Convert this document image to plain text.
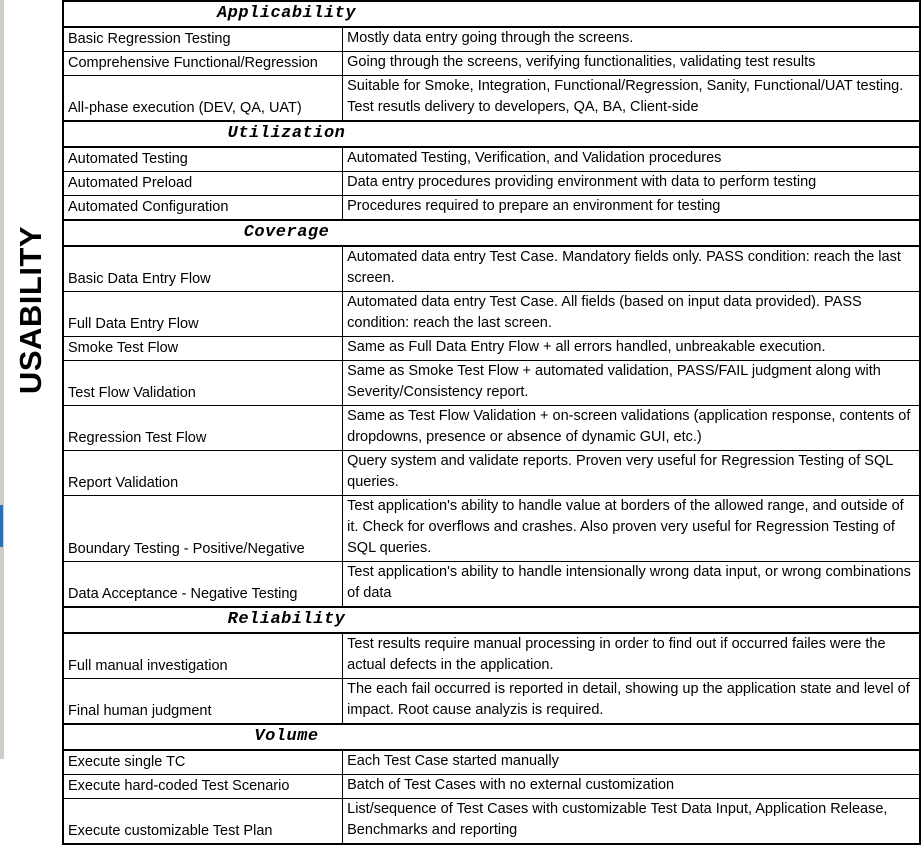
USABILITY
Applicability	

Basic Regression Testing	Mostly data entry going through the screens.
Comprehensive Functional/Regression	Going through the screens, verifying functionalities, validating test results
All-phase execution (DEV, QA, UAT)	Suitable for Smoke, Integration, Functional/Regression, Sanity, Functional/UAT testing. Test resutls delivery to developers, QA, BA, Client-side

Utilization	

Automated Testing	Automated Testing, Verification, and Validation procedures
Automated Preload	Data entry procedures providing environment with data to perform testing
Automated Configuration	Procedures required to prepare an environment for testing

Coverage	

Basic Data Entry Flow	Automated data entry Test Case. Mandatory fields only. PASS condition: reach the last screen.
Full Data Entry Flow	Automated data entry Test Case. All fields (based on input data provided). PASS condition: reach the last screen.
Smoke Test Flow	Same as Full Data Entry Flow + all errors handled, unbreakable execution.
Test Flow Validation	Same as Smoke Test Flow + automated validation, PASS/FAIL judgment along with Severity/Consistency report.
Regression Test Flow	Same as Test Flow Validation + on-screen validations (application response, contents of dropdowns, presence or absence of dynamic GUI, etc.)
Report Validation	Query system and validate reports. Proven very useful for Regression Testing of SQL queries.
Boundary Testing - Positive/Negative	Test application's ability to handle value at borders of the allowed range, and outside of it. Check for overflows and crashes. Also proven very useful for Regression Testing of SQL queries.
Data Acceptance - Negative Testing	Test application's ability to handle intensionally wrong data input, or wrong combinations of data

Reliability	

Full manual investigation	Test results require manual processing in order to find out if occurred failes were the actual defects in the application.
Final human judgment	The each fail occurred is reported in detail, showing up the application state and level of impact. Root cause analyzis is required.

Volume	

Execute single TC	Each Test Case started manually
Execute hard-coded Test Scenario	Batch of Test Cases with no external customization
Execute customizable Test Plan	List/sequence of Test Cases with customizable Test Data Input, Application Release, Benchmarks and reporting
